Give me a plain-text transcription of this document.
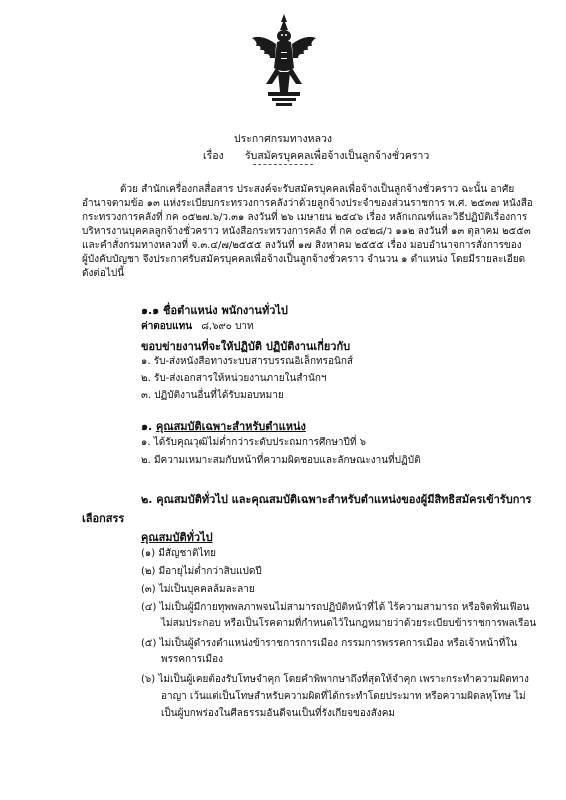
ประกาศกรมทางหลวง
เรื่อง รับสมัครบุคคลเพื่อจ้างเป็นลูกจ้างชั่วคราว
ด้วย สำนักเครื่องกลสื่อสาร ประสงค์จะรับสมัครบุคคลเพื่อจ้างเป็นลูกจ้างชั่วคราว ฉะนั้น อาศัย
อำนาจตามข้อ ๑๓ แห่งระเบียบกระทรวงการคลังว่าด้วยลูกจ้างประจำของส่วนราชการ พ.ศ. ๒๕๓๗ หนังสือ
กระทรวงการคลังที่ กค ๐๕๒๗.๖/ว.๓๑ ลงวันที่ ๒๖ เมษายน ๒๕๔๖ เรื่อง หลักเกณฑ์และวิธีปฏิบัติเรื่องการ
บริหารงานบุคคลลูกจ้างชั่วคราว หนังสือกระทรวงการคลัง ที่ กค ๐๔๒๘/ว ๑๑๒ ลงวันที่ ๑๓ ตุลาคม ๒๕๕๓
และคำสั่งกรมทางหลวงที่ จ.๓.๔/๗/๒๕๕๕ ลงวันที่ ๑๗ สิงหาคม ๒๕๕๕ เรื่อง มอบอำนาจการสั่งการของ
ผู้บังคับบัญชา จึงประกาศรับสมัครบุคคลเพื่อจ้างเป็นลูกจ้างชั่วคราว จำนวน ๑ ตำแหน่ง โดยมีรายละเอียด
ดังต่อไปนี้
๑.๑ ชื่อตำแหน่ง พนักงานทั่วไป
ค่าตอบแทน ๘,๖๙๐ บาท
ขอบข่ายงานที่จะให้ปฏิบัติ ปฏิบัติงานเกี่ยวกับ
๑. รับ-ส่งหนังสือทางระบบสารบรรณอิเล็กทรอนิกส์
๒. รับ-ส่งเอกสารให้หน่วยงานภายในสำนักฯ
๓. ปฏิบัติงานอื่นที่ได้รับมอบหมาย
๑. คุณสมบัติเฉพาะสำหรับตำแหน่ง
๑. ได้รับคุณวุฒิไม่ต่ำกว่าระดับประถมการศึกษาปีที่ ๖
๒. มีความเหมาะสมกับหน้าที่ความผิดชอบและลักษณะงานที่ปฏิบัติ
๒. คุณสมบัติทั่วไป และคุณสมบัติเฉพาะสำหรับตำแหน่งของผู้มีสิทธิสมัครเข้ารับการ
เลือกสรร
คุณสมบัติทั่วไป
(๑) มีสัญชาติไทย
(๒) มีอายุไม่ต่ำกว่าสิบแปดปี
(๓) ไม่เป็นบุคคลล้มละลาย
(๔) ไม่เป็นผู้มีกายทุพพลภาพจนไม่สามารถปฏิบัติหน้าที่ได้ ไร้ความสามารถ หรือจิตฟั่นเฟือน
ไม่สมประกอบ หรือเป็นโรคตามที่กำหนดไว้ในกฎหมายว่าด้วยระเบียบข้าราชการพลเรือน
(๕) ไม่เป็นผู้ดำรงตำแหน่งข้าราชการการเมือง กรรมการพรรคการเมือง หรือเจ้าหน้าที่ใน
พรรคการเมือง
(๖) ไม่เป็นผู้เคยต้องรับโทษจำคุก โดยคำพิพากษาถึงที่สุดให้จำคุก เพราะกระทำความผิดทาง
อาญา เว้นแต่เป็นโทษสำหรับความผิดที่ได้กระทำโดยประมาท หรือความผิดลหุโทษ ไม่
เป็นผู้บกพร่องในศีลธรรมอันดีจนเป็นที่รังเกียจของสังคม
